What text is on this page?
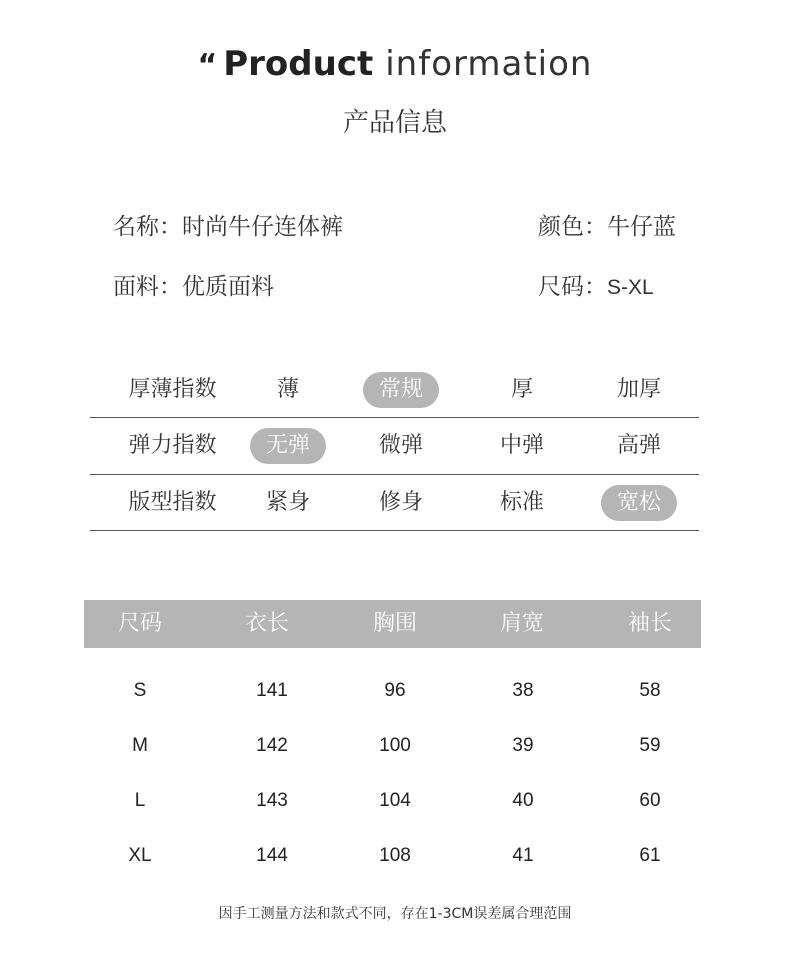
“ Product information
产品信息
名称：时尚牛仔连体裤	颜色：牛仔蓝
面料：优质面料	尺码：S-XL
厚薄指数	薄	常规	厚	加厚
弹力指数	无弹	微弹	中弹	高弹
版型指数	紧身	修身	标准	宽松
尺码	衣长	胸围	肩宽	袖长
S	141	96	38	58
M	142	100	39	59
L	143	104	40	60
XL	144	108	41	61
因手工测量方法和款式不同，存在1-3CM误差属合理范围
